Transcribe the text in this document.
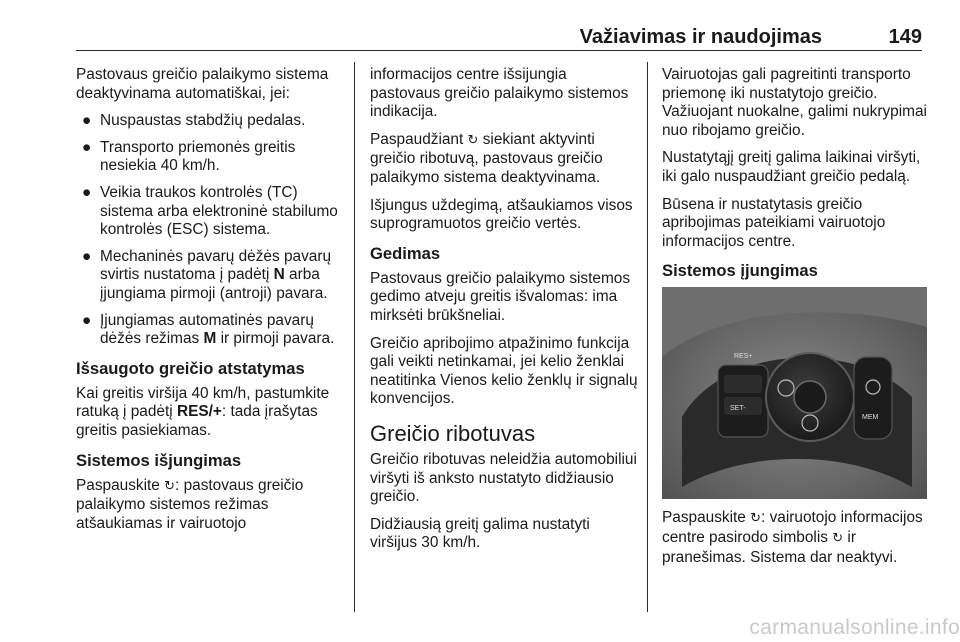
Važiavimas ir naudojimas	149

Pastovaus greičio palaikymo sistema deaktyvinama automatiškai, jei:

● Nuspaustas stabdžių pedalas.
● Transporto priemonės greitis nesiekia 40 km/h.
● Veikia traukos kontrolės (TC) sistema arba elektroninė stabilumo kontrolės (ESC) sistema.
● Mechaninės pavarų dėžės pavarų svirtis nustatoma į padėtį N arba įjungiama pirmoji (antroji) pavara.
● Įjungiamas automatinės pavarų dėžės režimas M ir pirmoji pavara.
Išsaugoto greičio atstatymas

Kai greitis viršija 40 km/h, pastumkite ratuką į padėtį RES/+: tada įrašytas greitis pasiekiamas.

Sistemos išjungimas

Paspauskite ↻: pastovaus greičio palaikymo sistemos režimas atšaukiamas ir vairuotojo

informacijos centre išsijungia pastovaus greičio palaikymo sistemos indikacija.

Paspaudžiant ↻ siekiant aktyvinti greičio ribotuvą, pastovaus greičio palaikymo sistema deaktyvinama.

Išjungus uždegimą, atšaukiamos visos suprogramuotos greičio vertės.

Gedimas

Pastovaus greičio palaikymo sistemos gedimo atveju greitis išvalomas: ima mirksėti brūkšneliai.

Greičio apribojimo atpažinimo funkcija gali veikti netinkamai, jei kelio ženklai neatitinka Vienos kelio ženklų ir signalų konvencijos.

Greičio ribotuvas

Greičio ribotuvas neleidžia automobiliui viršyti iš anksto nustatyto didžiausio greičio.

Didžiausią greitį galima nustatyti viršijus 30 km/h.

Vairuotojas gali pagreitinti transporto priemonę iki nustatytojo greičio. Važiuojant nuokalne, galimi nukrypimai nuo ribojamo greičio.

Nustatytąjį greitį galima laikinai viršyti, iki galo nuspaudžiant greičio pedalą.

Būsena ir nustatytasis greičio apribojimas pateikiami vairuotojo informacijos centre.

Sistemos įjungimas
RES+
SET-
MEM

Paspauskite ↻: vairuotojo informacijos centre pasirodo simbolis ↻ ir pranešimas. Sistema dar neaktyvi.

carmanualsonline.info
